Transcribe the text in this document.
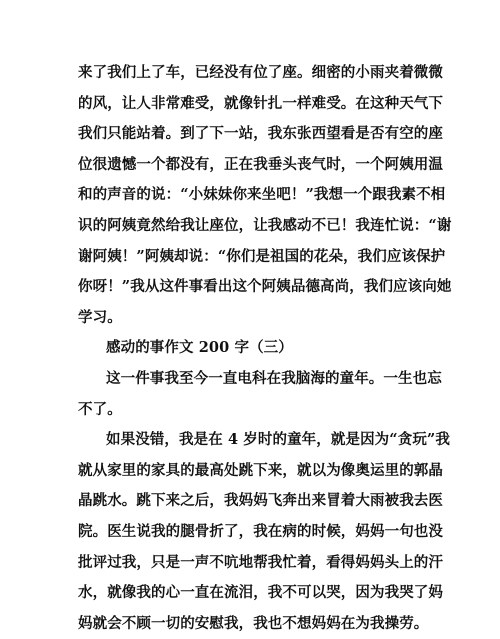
来了我们上了车，已经没有位了座。细密的小雨夹着微微
的风，让人非常难受，就像针扎一样难受。在这种天气下
我们只能站着。到了下一站，我东张西望看是否有空的座
位很遗憾一个都没有，正在我垂头丧气时，一个阿姨用温
和的声音的说：“小妹妹你来坐吧！”我想一个跟我素不相
识的阿姨竟然给我让座位，让我感动不已！我连忙说：“谢
谢阿姨！”阿姨却说：“你们是祖国的花朵，我们应该保护
你呀！”我从这件事看出这个阿姨品德高尚，我们应该向她
学习。
感动的事作文 200 字（三）
这一件事我至今一直电科在我脑海的童年。一生也忘
不了。
如果没错，我是在 4 岁时的童年，就是因为“贪玩”我
就从家里的家具的最高处跳下来，就以为像奥运里的郭晶
晶跳水。跳下来之后，我妈妈飞奔出来冒着大雨被我去医
院。医生说我的腿骨折了，我在病的时候，妈妈一句也没
批评过我，只是一声不吭地帮我忙着，看得妈妈头上的汗
水，就像我的心一直在流泪，我不可以哭，因为我哭了妈
妈就会不顾一切的安慰我，我也不想妈妈在为我操劳。
